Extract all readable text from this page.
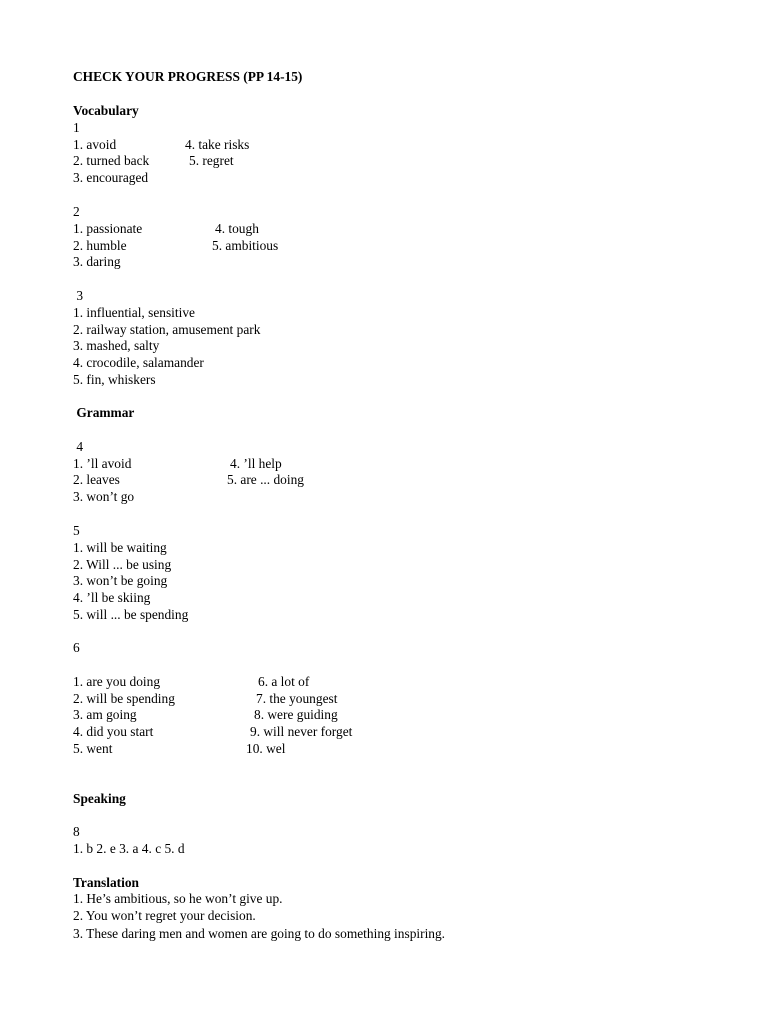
CHECK YOUR PROGRESS (PP 14-15)
Vocabulary
1
1. avoid	4. take risks
2. turned back	5. regret
3. encouraged
2
1. passionate	4. tough
2. humble	5. ambitious
3. daring
3
1. influential, sensitive
2. railway station, amusement park
3. mashed, salty
4. crocodile, salamander
5. fin, whiskers
Grammar
4
1. ’ll avoid	4. ’ll help
2. leaves	5. are ... doing
3. won’t go
5
1. will be waiting
2. Will ... be using
3. won’t be going
4. ’ll be skiing
5. will ... be spending
6
1. are you doing	6. a lot of
2. will be spending	7. the youngest
3. am going	8. were guiding
4. did you start	9. will never forget
5. went	10. wel
Speaking
8
1. b 2. e 3. a 4. c 5. d
Translation
1. He’s ambitious, so he won’t give up.
2. You won’t regret your decision.
3. These daring men and women are going to do something inspiring.
